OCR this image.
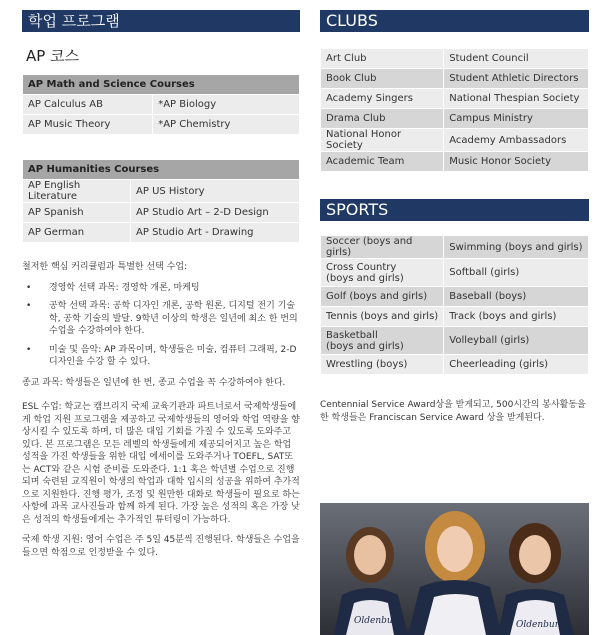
학업 프로그램
AP 코스
AP Math and Science Courses	
AP Calculus AB	*AP Biology
AP Music Theory	*AP Chemistry
AP Humanities Courses	
AP English Literature	AP US History
AP Spanish	AP Studio Art – 2-D Design
AP German	AP Studio Art - Drawing

철저한 핵심 커리큘럼과 특별한 선택 수업:

• 경영학 선택 과목: 경영학 개론, 마케팅
• 공학 선택 과목: 공학 디자인 개론, 공학 원론, 디지털 전기 기술학, 공학 기술의 발달. 9학년 이상의 학생은 일년에 최소 한 번의 수업을 수강하여야 한다.
• 미술 및 음악: AP 과목이며, 학생들은 미술, 컴퓨터 그래픽, 2-D 디자인을 수강 할 수 있다.

종교 과목: 학생들은 일년에 한 번, 종교 수업을 꼭 수강하여야 한다.

ESL 수업: 학교는 캠브리지 국제 교육기관과 파트너로서 국제학생들에게 학업 지원 프로그램을 제공하고 국제학생들의 영어와 학업 역량을 향상시킬 수 있도록 하며, 더 많은 대입 기회를 가질 수 있도록 도와주고 있다. 본 프로그램은 모든 레벨의 학생들에게 제공되어지고 높은 학업 성적을 가진 학생들을 위한 대입 에세이를 도와주거나 TOEFL, SAT또는 ACT와 같은 시험 준비를 도와준다. 1:1 혹은 학년별 수업으로 진행되며 숙련된 교직원이 학생의 학업과 대학 입시의 성공을 위하여 추가적으로 지원한다. 진행 평가, 조정 및 원만한 대화로 학생들이 필요로 하는 사항에 과목 교사진들과 함께 하게 된다. 가장 높은 성적의 혹은 가장 낮은 성적의 학생들에게는 추가적인 튜터링이 가능하다.

국제 학생 지원: 영어 수업은 주 5일 45분씩 진행된다. 학생들은 수업을 들으면 학점으로 인정받을 수 있다.

CLUBS
Art Club	Student Council
Book Club	Student Athletic Directors
Academy Singers	National Thespian Society
Drama Club	Campus Ministry
National Honor Society	Academy Ambassadors
Academic Team	Music Honor Society
SPORTS
Soccer (boys and girls)	Swimming (boys and girls)
Cross Country
(boys and girls)	Softball (girls)
Golf (boys and girls)	Baseball (boys)
Tennis (boys and girls)	Track (boys and girls)
Basketball
(boys and girls)	Volleyball (girls)
Wrestling (boys)	Cheerleading (girls)

Centennial Service Award상을 받게되고, 500시간의 봉사활동을 한 학생들은 Franciscan Service Award 상을 받게된다.

Oldenburg	Oldenburg
